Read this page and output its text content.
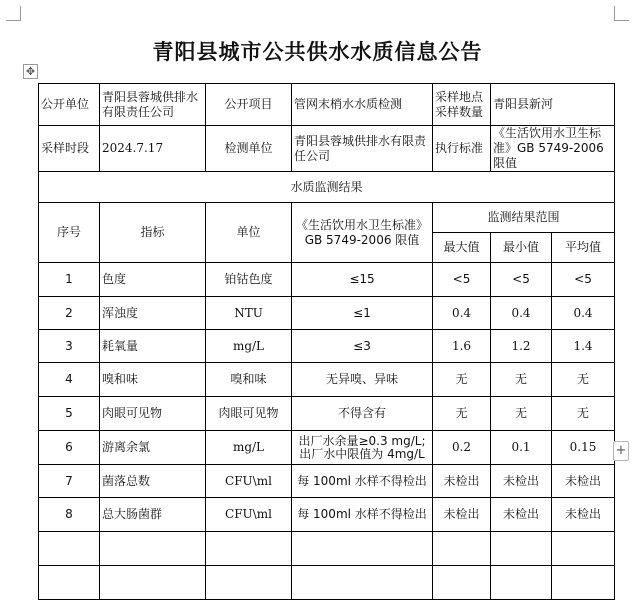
青阳县城市公共供水水质信息公告
✥
公开单位	青阳县蓉城供排水有限责任公司	公开项目	管网末梢水水质检测	采样地点采样数量	青阳县新河	
采样时段	2024.7.17	检测单位	青阳县蓉城供排水有限责任公司	执行标准	《生活饮用水卫生标准》GB 5749-2006 限值	
水质监测结果						
序号	指标	单位	《生活饮用水卫生标准》GB 5749-2006 限值	监测结果范围		
				最大值	最小值	平均值
1	色度	铂钴色度	≤15	<5	<5	<5
2	浑浊度	NTU	≤1	0.4	0.4	0.4
3	耗氧量	mg/L	≤3	1.6	1.2	1.4
4	嗅和味	嗅和味	无异嗅、异味	无	无	无
5	肉眼可见物	肉眼可见物	不得含有	无	无	无
6	游离余氯	mg/L	出厂水余量≥0.3 mg/L;出厂水中限值为 4mg/L	0.2	0.1	0.15
7	菌落总数	CFU\ml	每 100ml 水样不得检出	未检出	未检出	未检出
8	总大肠菌群	CFU\ml	每 100ml 水样不得检出	未检出	未检出	未检出

+
